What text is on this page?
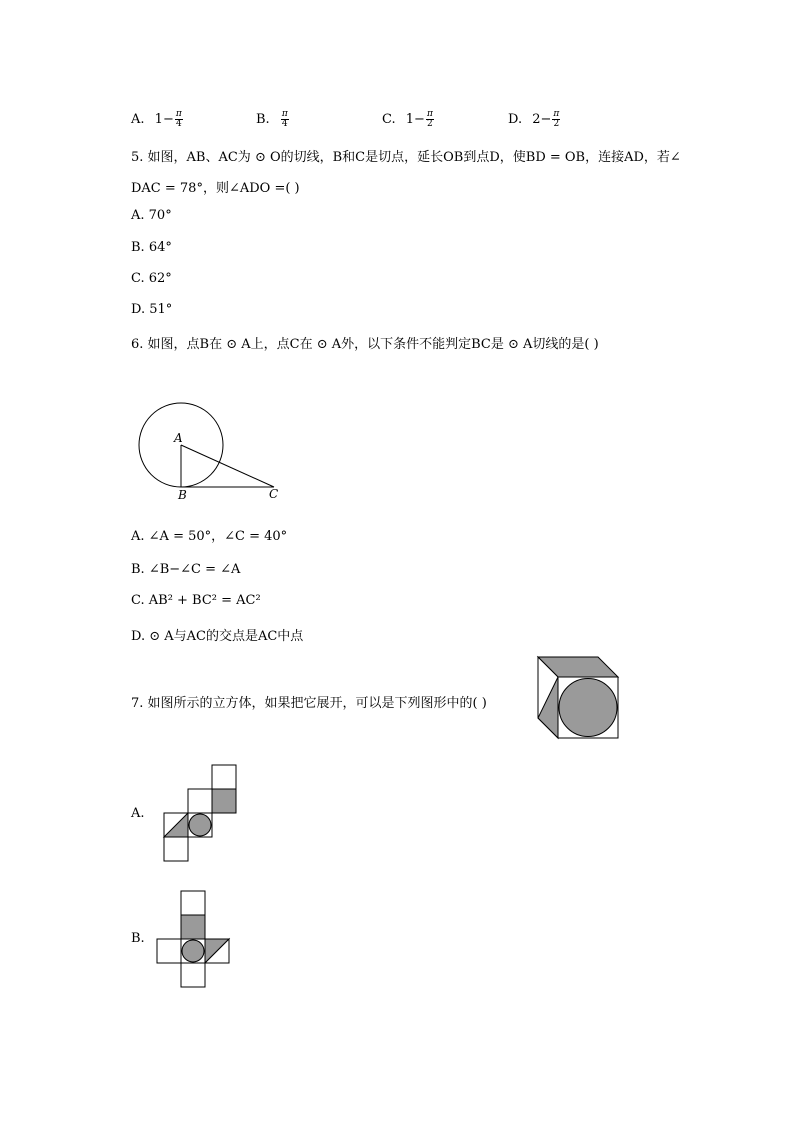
A. $1- \frac{\pi}{4}$	B. $\frac{\pi}{4}$	C. $1- \frac{\pi}{2}$	D. $2- \frac{\pi}{2}$
5. 如图，AB、AC为 ⊙ O的切线，B和C是切点，延长OB到点D，使BD = OB，连接AD，若∠
DAC = 78°，则∠ADO =( )
A. 70°
B. 64°
C. 62°
D. 51°
6. 如图，点B在 ⊙ A上，点C在 ⊙ A外，以下条件不能判定BC是 ⊙ A切线的是( )
A
B	C
A. ∠A = 50°，∠C = 40°
B. ∠B−∠C = ∠A
C. AB² + BC² = AC²
D. ⊙ A与AC的交点是AC中点
7. 如图所示的立方体，如果把它展开，可以是下列图形中的( )
A.
B.
